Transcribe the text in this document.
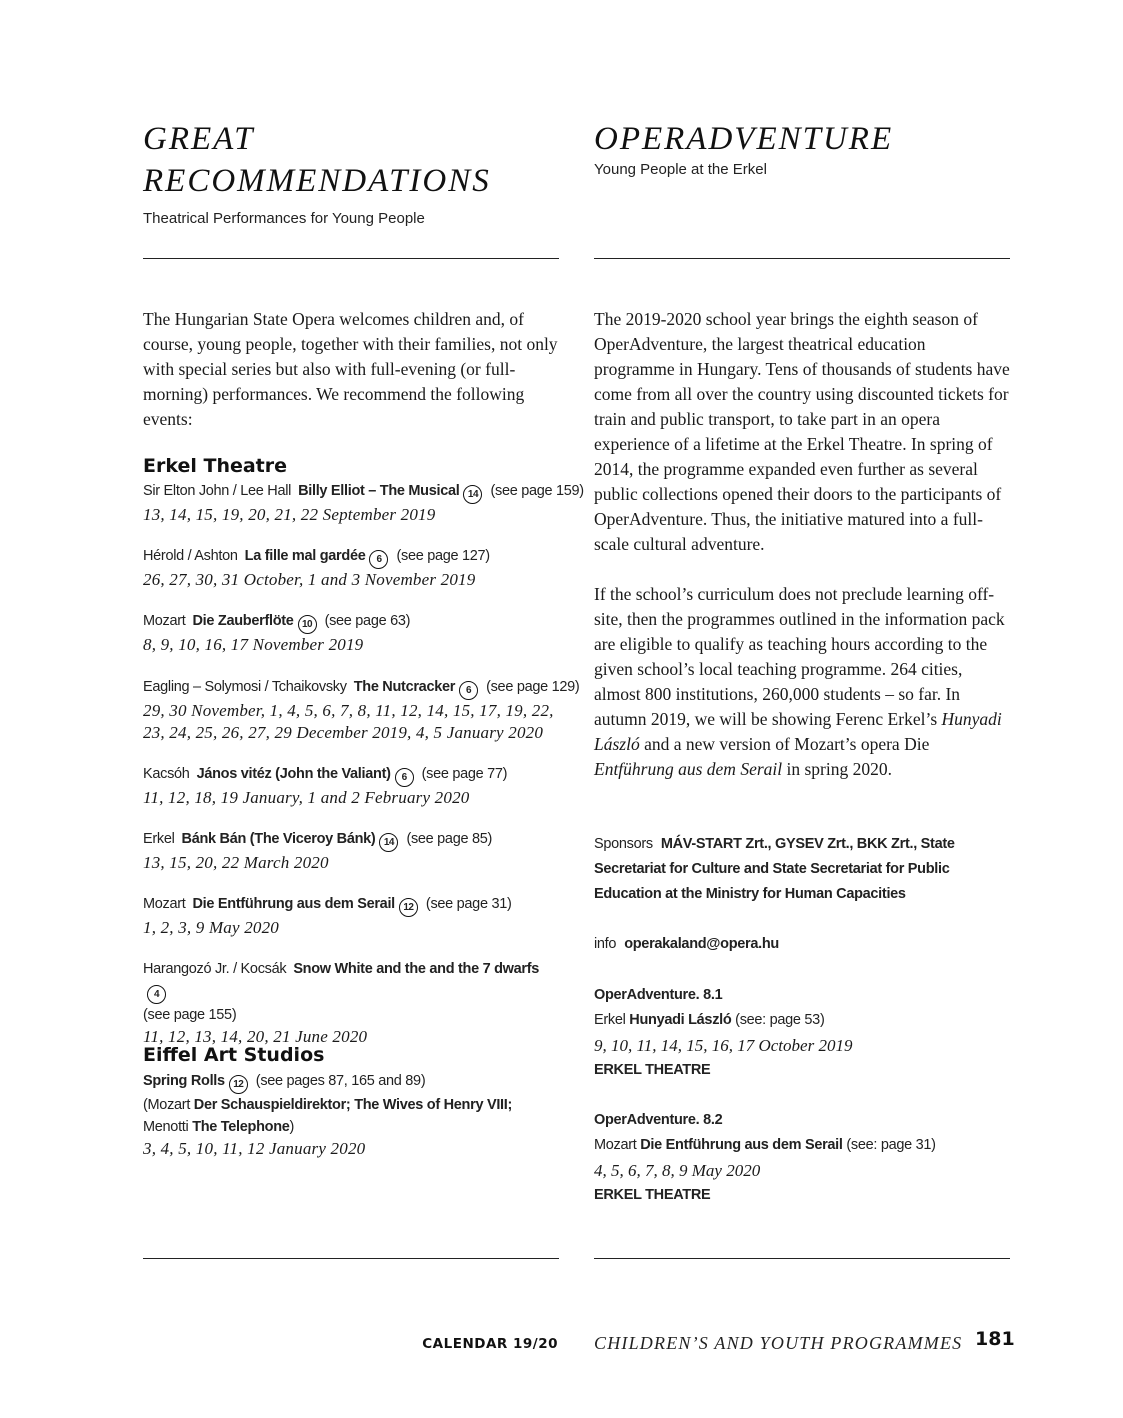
GREAT
RECOMMENDATIONS

Theatrical Performances for Young People

The Hungarian State Opera welcomes children and, of course, young people, together with their families, not only with special series but also with full-evening (or full-morning) performances. We recommend the following events:

Erkel Theatre
Sir Elton John / Lee Hall Billy Elliot – The Musical 14 (see page 159)
13, 14, 15, 19, 20, 21, 22 September 2019
Hérold / Ashton La fille mal gardée 6 (see page 127)
26, 27, 30, 31 October, 1 and 3 November 2019
Mozart Die Zauberflöte 10 (see page 63)
8, 9, 10, 16, 17 November 2019
Eagling – Solymosi / Tchaikovsky The Nutcracker 6 (see page 129)
29, 30 November, 1, 4, 5, 6, 7, 8, 11, 12, 14, 15, 17, 19, 22, 23, 24, 25, 26, 27, 29 December 2019, 4, 5 January 2020
Kacsóh János vitéz (John the Valiant) 6 (see page 77)
11, 12, 18, 19 January, 1 and 2 February 2020
Erkel Bánk Bán (The Viceroy Bánk) 14 (see page 85)
13, 15, 20, 22 March 2020
Mozart Die Entführung aus dem Serail 12 (see page 31)
1, 2, 3, 9 May 2020
Harangozó Jr. / Kocsák Snow White and the and the 7 dwarfs4
(see page 155)
11, 12, 13, 14, 20, 21 June 2020
Eiffel Art Studios
Spring Rolls 12 (see pages 87, 165 and 89)
(Mozart Der Schauspieldirektor; The Wives of Henry VIII;
Menotti The Telephone)
3, 4, 5, 10, 11, 12 January 2020
OPERADVENTURE

Young People at the Erkel

The 2019-2020 school year brings the eighth season of OperAdventure, the largest theatrical education programme in Hungary. Tens of thousands of students have come from all over the country using discounted tickets for train and public transport, to take part in an opera experience of a lifetime at the Erkel Theatre. In spring of 2014, the programme expanded even further as several public collections opened their doors to the participants of OperAdventure. Thus, the initiative matured into a full-scale cultural adventure.

If the school’s curriculum does not preclude learning off-site, then the programmes outlined in the information pack are eligible to qualify as teaching hours according to the given school’s local teaching programme. 264 cities, almost 800 institutions, 260,000 students – so far. In autumn 2019, we will be showing Ferenc Erkel’s Hunyadi László and a new version of Mozart’s opera Die Entführung aus dem Serail in spring 2020.

Sponsors MÁV-START Zrt., GYSEV Zrt., BKK Zrt., State Secretariat for Culture and State Secretariat for Public Education at the Ministry for Human Capacities
info operakaland@opera.hu
OperAdventure. 8.1
Erkel Hunyadi László (see: page 53)
9, 10, 11, 14, 15, 16, 17 October 2019
ERKEL THEATRE
OperAdventure. 8.2
Mozart Die Entführung aus dem Serail (see: page 31)
4, 5, 6, 7, 8, 9 May 2020
ERKEL THEATRE

CALENDAR 19/20 CHILDREN’S AND YOUTH PROGRAMMES 181
